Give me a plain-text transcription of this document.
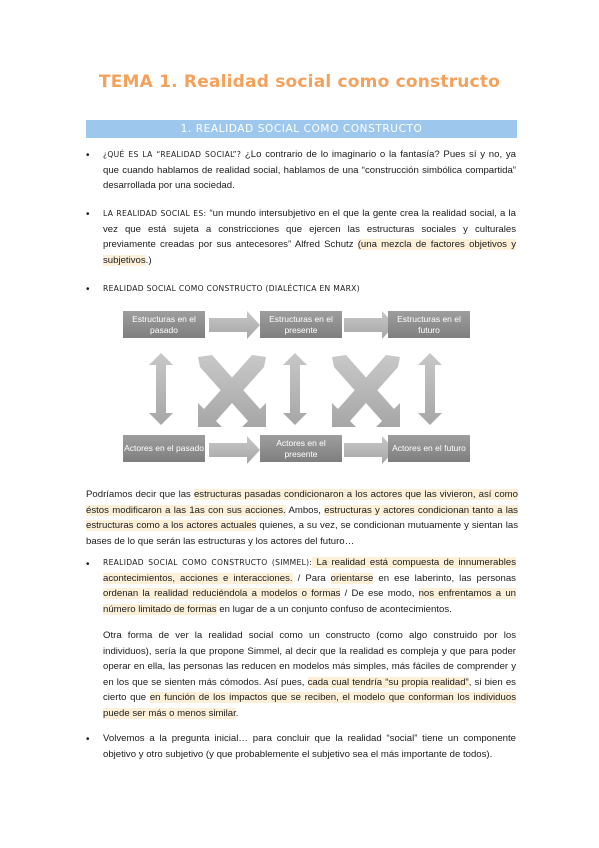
TEMA 1. Realidad social como constructo
1. REALIDAD SOCIAL COMO CONSTRUCTO
• ¿QUÉ ES LA “REALIDAD SOCIAL”? ¿Lo contrario de lo imaginario o la fantasía? Pues sí y no, ya que cuando hablamos de realidad social, hablamos de una “construcción simbólica compartida” desarrollada por una sociedad.
• LA REALIDAD SOCIAL ES: “un mundo intersubjetivo en el que la gente crea la realidad social, a la vez que está sujeta a constricciones que ejercen las estructuras sociales y culturales previamente creadas por sus antecesores” Alfred Schutz (una mezcla de factores objetivos y subjetivos.)
• REALIDAD SOCIAL COMO CONSTRUCTO (DIALÉCTICA EN MARX)
Estructuras en el pasado
Estructuras en el presente
Estructuras en el futuro
Actores en el pasado
Actores en el presente
Actores en el futuro
Podríamos decir que las estructuras pasadas condicionaron a los actores que las vivieron, así como éstos modificaron a las 1as con sus acciones. Ambos, estructuras y actores condicionan tanto a las estructuras como a los actores actuales quienes, a su vez, se condicionan mutuamente y sientan las bases de lo que serán las estructuras y los actores del futuro…
• REALIDAD SOCIAL COMO CONSTRUCTO (SIMMEL): La realidad está compuesta de innumerables acontecimientos, acciones e interacciones. / Para orientarse en ese laberinto, las personas ordenan la realidad reduciéndola a modelos o formas / De ese modo, nos enfrentamos a un número limitado de formas en lugar de a un conjunto confuso de acontecimientos.
Otra forma de ver la realidad social como un constructo (como algo construido por los individuos), sería la que propone Simmel, al decir que la realidad es compleja y que para poder operar en ella, las personas las reducen en modelos más simples, más fáciles de comprender y en los que se sienten más cómodos. Así pues, cada cual tendría “su propia realidad”, si bien es cierto que en función de los impactos que se reciben, el modelo que conforman los individuos puede ser más o menos similar.
• Volvemos a la pregunta inicial… para concluir que la realidad “social” tiene un componente objetivo y otro subjetivo (y que probablemente el subjetivo sea el más importante de todos).
